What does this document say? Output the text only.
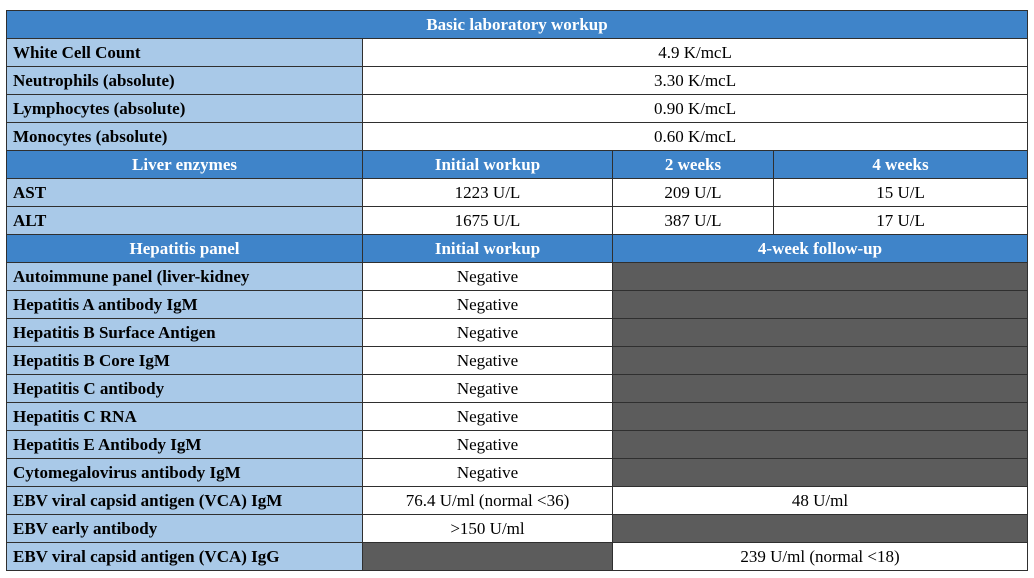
Basic laboratory workup			
White Cell Count	4.9 K/mcL		
Neutrophils (absolute)	3.30 K/mcL		
Lymphocytes (absolute)	0.90 K/mcL		
Monocytes (absolute)	0.60 K/mcL		
Liver enzymes	Initial workup	2 weeks	4 weeks
AST	1223 U/L	209 U/L	15 U/L
ALT	1675 U/L	387 U/L	17 U/L
Hepatitis panel	Initial workup	4-week follow-up	
Autoimmune panel (liver-kidney	Negative		
Hepatitis A antibody IgM	Negative		
Hepatitis B Surface Antigen	Negative		
Hepatitis B Core IgM	Negative		
Hepatitis C antibody	Negative		
Hepatitis C RNA	Negative		
Hepatitis E Antibody IgM	Negative		
Cytomegalovirus antibody IgM	Negative		
EBV viral capsid antigen (VCA) IgM	76.4 U/ml (normal <36)	48 U/ml	
EBV early antibody	>150 U/ml		
EBV viral capsid antigen (VCA) IgG		239 U/ml (normal <18)	
